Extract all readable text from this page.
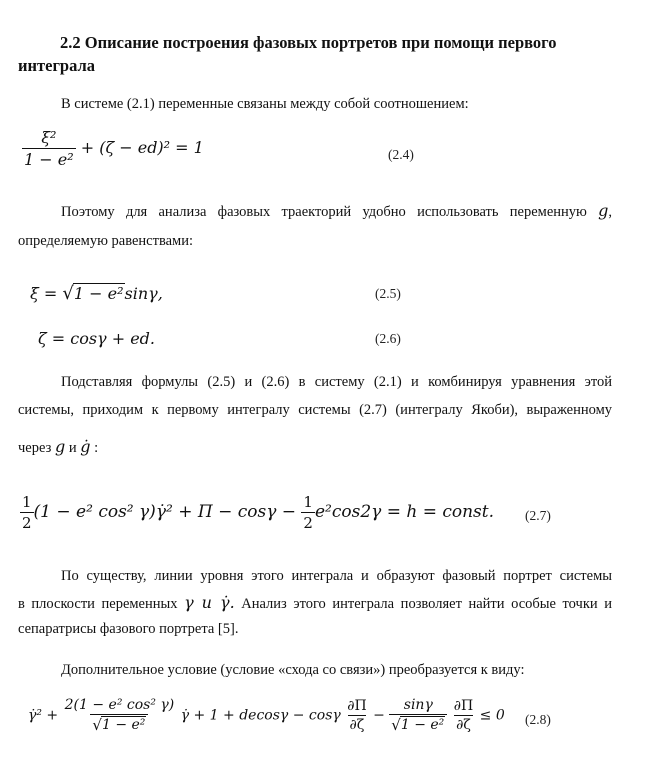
2.2 Описание построения фазовых портретов при помощи первого
интеграла
В системе (2.1) переменные связаны между собой соотношением:
$\frac{\text{ξ²}}{\text{1 − e²}} + (\zeta - ed)^2 = 1$	(2.4)
Поэтому для анализа фазовых траекторий удобно использовать переменную g,
определяемую равенствами:
ξ = √ 1 − e² sinγ,	(2.5)
ζ = cosγ + ed.	(2.6)
Подставляя формулы (2.5) и (2.6) в систему (2.1) и комбинируя уравнения этой
системы, приходим к первому интегралу системы (2.7) (интегралу Якоби), выраженному
через g и ġ :
$\frac{1}{2} (1 - e^2$ cos² γ)γ̇² + $\Pi - \cos\gamma - \frac{1}{2} e^2\cos 2\gamma = h$ = const. (2.7)
По существу, линии уровня этого интеграла и образуют фазовый портрет системы
в плоскости переменных γ и γ̇. Анализ этого интеграла позволяет найти особые точки и
сепаратрисы фазового портрета [5].
Дополнительное условие (условие «схода со связи») преобразуется к виду:
γ̇² + $\frac{\text{2(1 − e² cos² γ)}}{\text{√ 1 − e²}}$ γ̇ + 1 + decosγ − cosγ $\frac{\partial\Pi}{\partial\zeta} - \frac{\sin\gamma}{\text{√ 1 − e²}}$
$\frac{\partial\Pi}{\partial\zeta} \le 0$ (2.8)
